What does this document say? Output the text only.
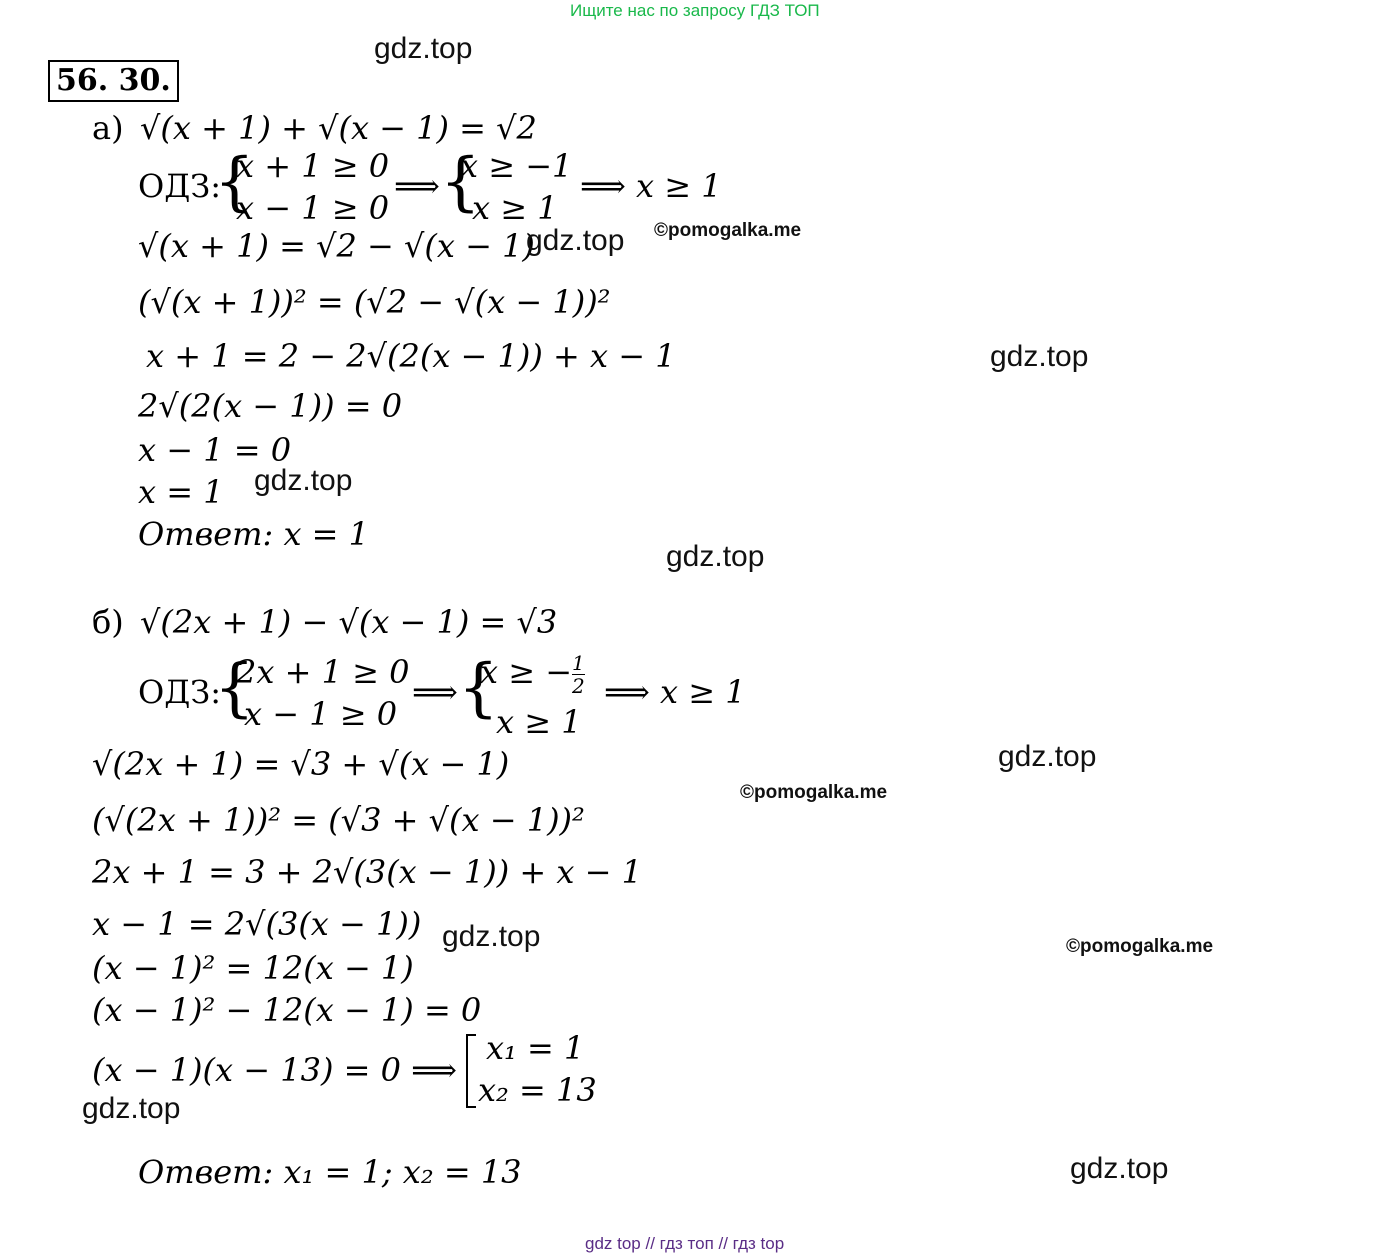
Ищите нас по запросу ГДЗ ТОП
56. 30.
а) √(x + 1) + √(x − 1) = √2
ОДЗ:
{
x + 1 ≥ 0
x − 1 ≥ 0
⟹ {
x ≥ −1
x ≥ 1
⟹ x ≥ 1
√(x + 1) = √2 − √(x − 1)
(√(x + 1))² = (√2 − √(x − 1))²
x + 1 = 2 − 2√(2(x − 1)) + x − 1
2√(2(x − 1)) = 0
x − 1 = 0
x = 1
Ответ: x = 1
б) √(2x + 1) − √(x − 1) = √3
ОДЗ:
{
2x + 1 ≥ 0
x − 1 ≥ 0
⟹ {
x ≥ − $\frac{1}{2}$
x ≥ 1
⟹ x ≥ 1
√(2x + 1) = √3 + √(x − 1)
(√(2x + 1))² = (√3 + √(x − 1))²
2x + 1 = 3 + 2√(3(x − 1)) + x − 1
x − 1 = 2√(3(x − 1))
(x − 1)² = 12(x − 1)
(x − 1)² − 12(x − 1) = 0
(x − 1)(x − 13) = 0 ⟹
x₁ = 1
x₂ = 13
Ответ: x₁ = 1; x₂ = 13
gdz.top
gdz.top ©pomogalka.me
gdz.top
gdz.top
gdz.top
gdz.top
©pomogalka.me
gdz.top	©pomogalka.me
gdz.top
gdz.top
gdz top // гдз топ // гдз top
